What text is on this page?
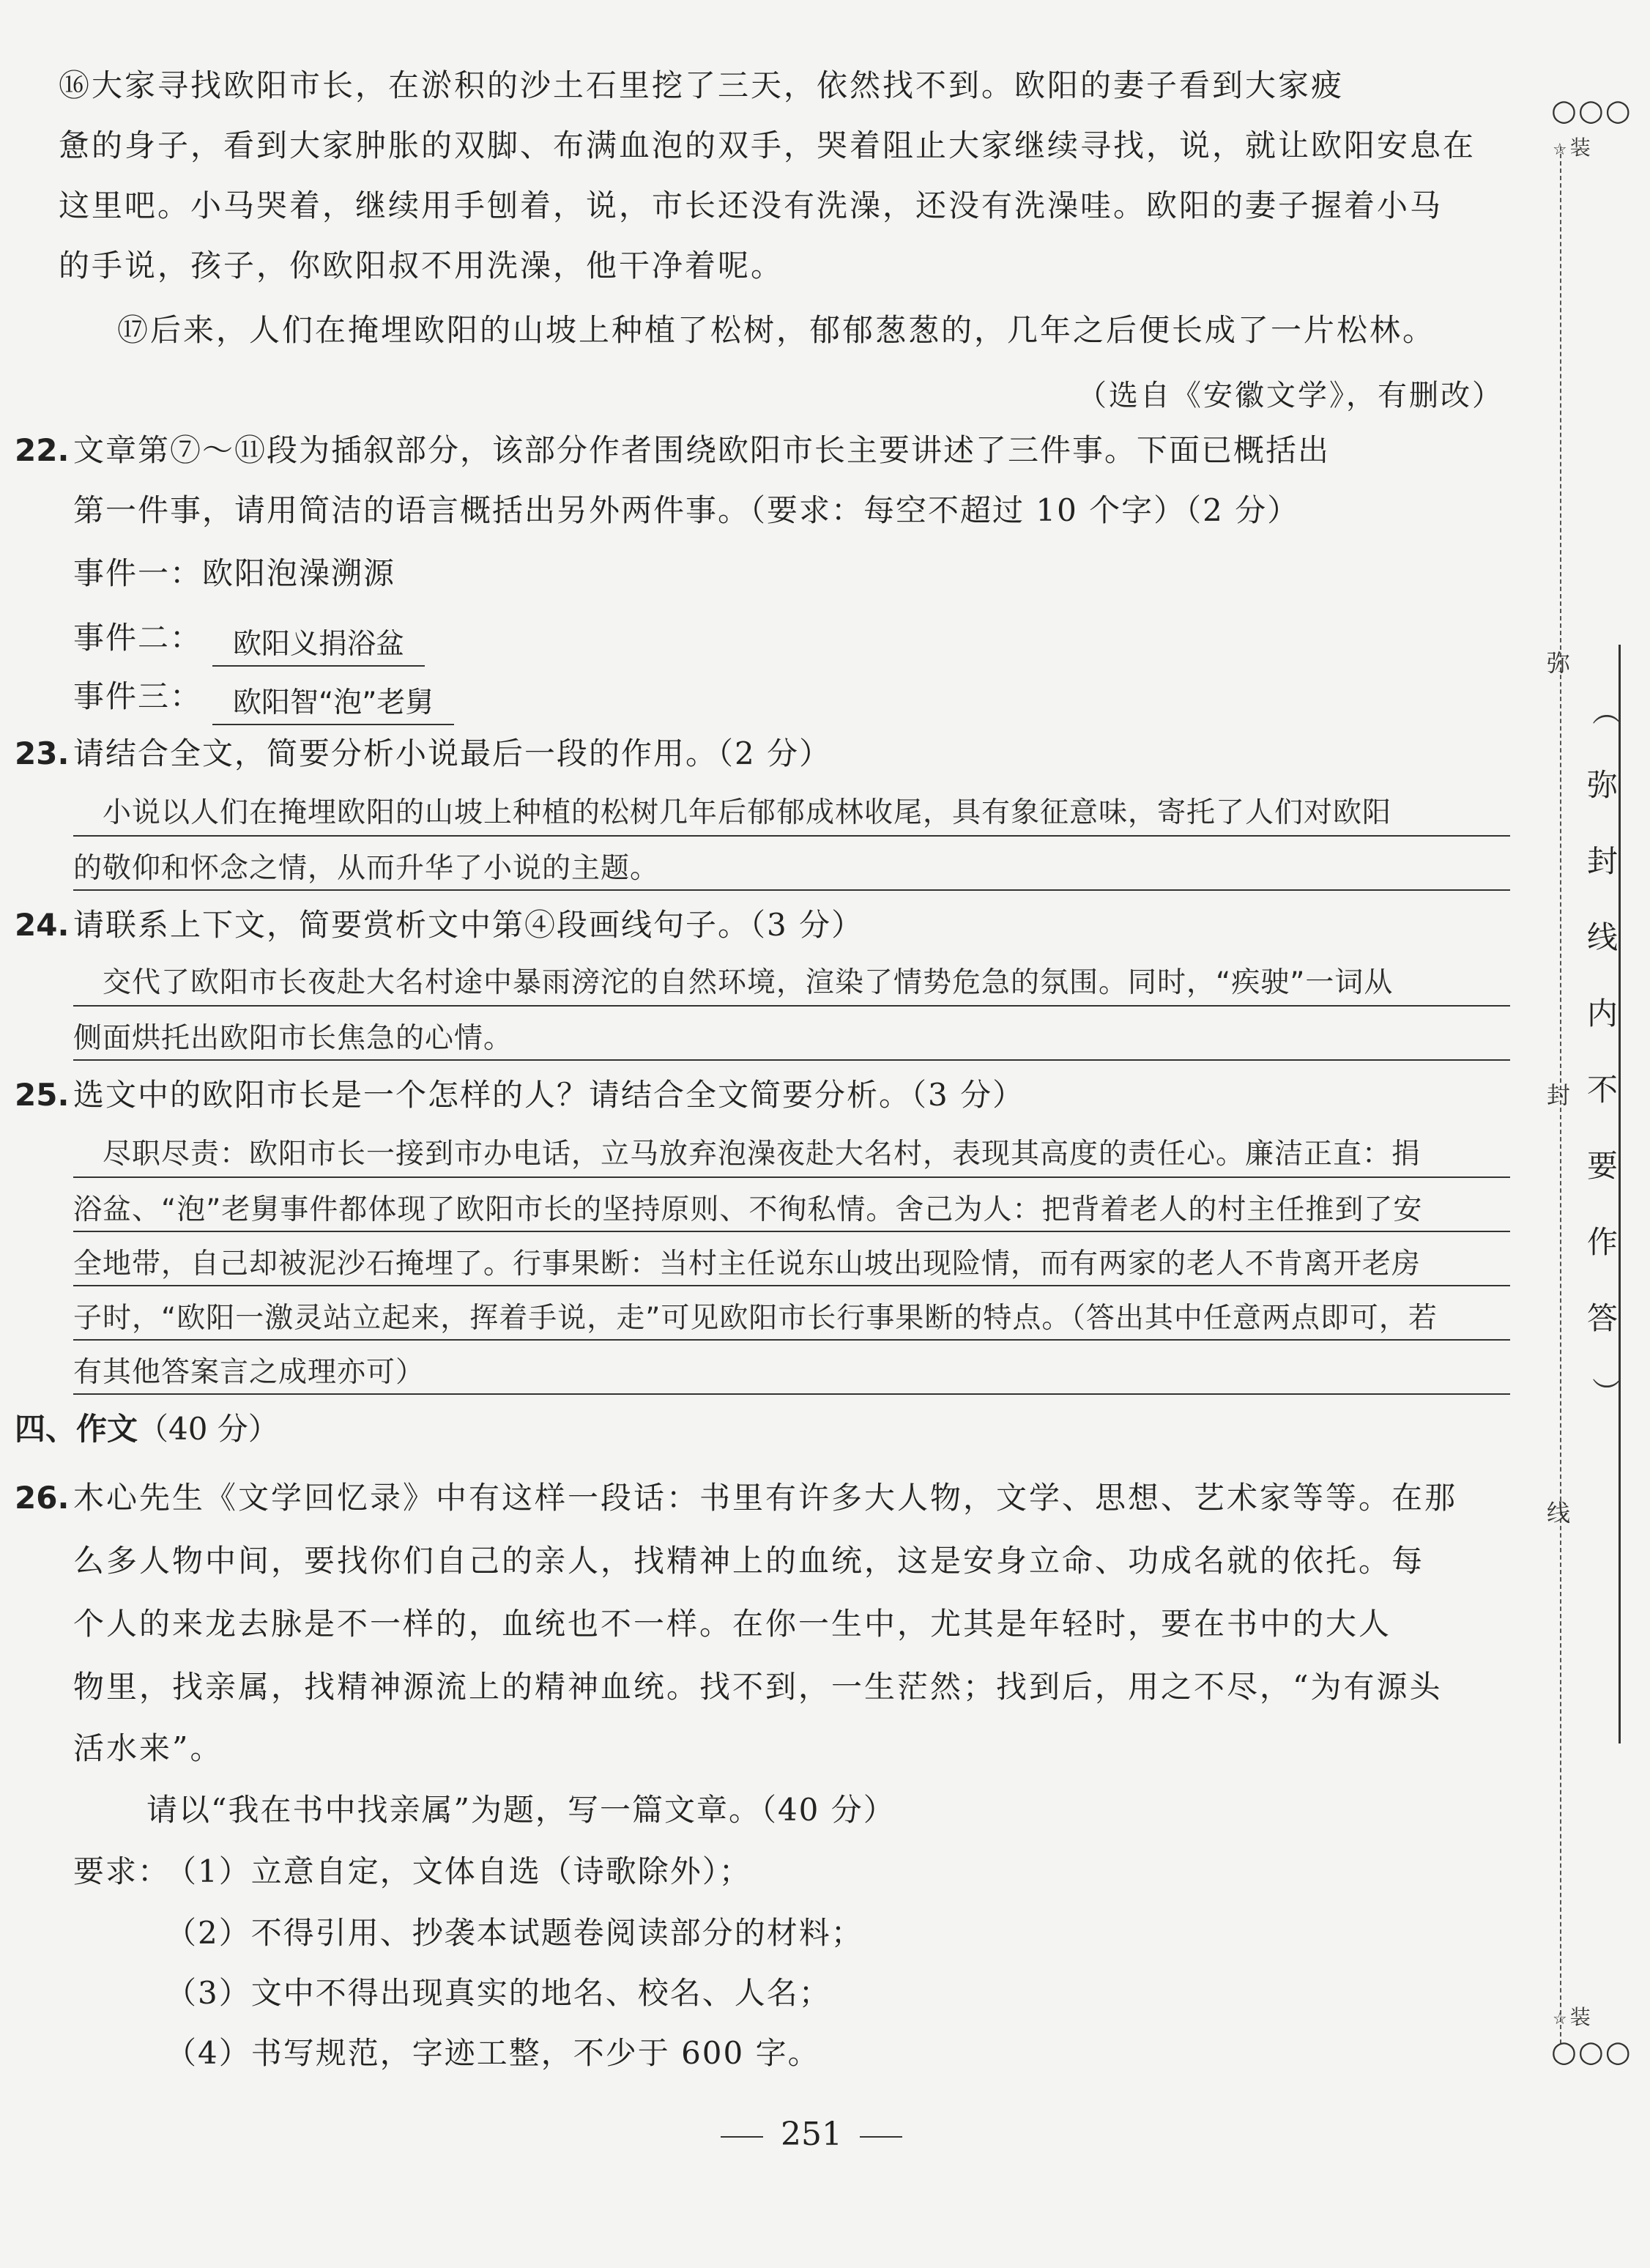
⑯大家寻找欧阳市长，在淤积的沙土石里挖了三天，依然找不到。欧阳的妻子看到大家疲
惫的身子，看到大家肿胀的双脚、布满血泡的双手，哭着阻止大家继续寻找，说，就让欧阳安息在
这里吧。小马哭着，继续用手刨着，说，市长还没有洗澡，还没有洗澡哇。欧阳的妻子握着小马
的手说，孩子，你欧阳叔不用洗澡，他干净着呢。
⑰后来，人们在掩埋欧阳的山坡上种植了松树，郁郁葱葱的，几年之后便长成了一片松林。
（选自《安徽文学》，有删改）
22. 文章第⑦～⑪段为插叙部分，该部分作者围绕欧阳市长主要讲述了三件事。下面已概括出
第一件事，请用简洁的语言概括出另外两件事。（要求：每空不超过 10 个字）（2 分）
事件一：欧阳泡澡溯源
事件二：	欧阳义捐浴盆
事件三：	欧阳智“泡”老舅
23. 请结合全文，简要分析小说最后一段的作用。（2 分）
小说以人们在掩埋欧阳的山坡上种植的松树几年后郁郁成林收尾，具有象征意味，寄托了人们对欧阳
的敬仰和怀念之情，从而升华了小说的主题。
24. 请联系上下文，简要赏析文中第④段画线句子。（3 分）
交代了欧阳市长夜赴大名村途中暴雨滂沱的自然环境，渲染了情势危急的氛围。同时，“疾驶”一词从
侧面烘托出欧阳市长焦急的心情。
25. 选文中的欧阳市长是一个怎样的人？请结合全文简要分析。（3 分）
尽职尽责：欧阳市长一接到市办电话，立马放弃泡澡夜赴大名村，表现其高度的责任心。廉洁正直：捐
浴盆、“泡”老舅事件都体现了欧阳市长的坚持原则、不徇私情。舍己为人：把背着老人的村主任推到了安
全地带，自己却被泥沙石掩埋了。行事果断：当村主任说东山坡出现险情，而有两家的老人不肯离开老房
子时，“欧阳一激灵站立起来，挥着手说，走”可见欧阳市长行事果断的特点。（答出其中任意两点即可，若
有其他答案言之成理亦可）
四、作文（40 分）
26. 木心先生《文学回忆录》中有这样一段话：书里有许多大人物，文学、思想、艺术家等等。在那
么多人物中间，要找你们自己的亲人，找精神上的血统，这是安身立命、功成名就的依托。每
个人的来龙去脉是不一样的，血统也不一样。在你一生中，尤其是年轻时，要在书中的大人
物里，找亲属，找精神源流上的精神血统。找不到，一生茫然；找到后，用之不尽，“为有源头
活水来”。
请以“我在书中找亲属”为题，写一篇文章。（40 分）
要求：
（1）立意自定，文体自选（诗歌除外）；
（2）不得引用、抄袭本试题卷阅读部分的材料；
（3）文中不得出现真实的地名、校名、人名；
（4）书写规范，字迹工整，不少于 600 字。
251
○○○
☆ 装
弥
封
线
︵
弥
封
线
内
不
要
作
答
︶
☆ 装
○○○
